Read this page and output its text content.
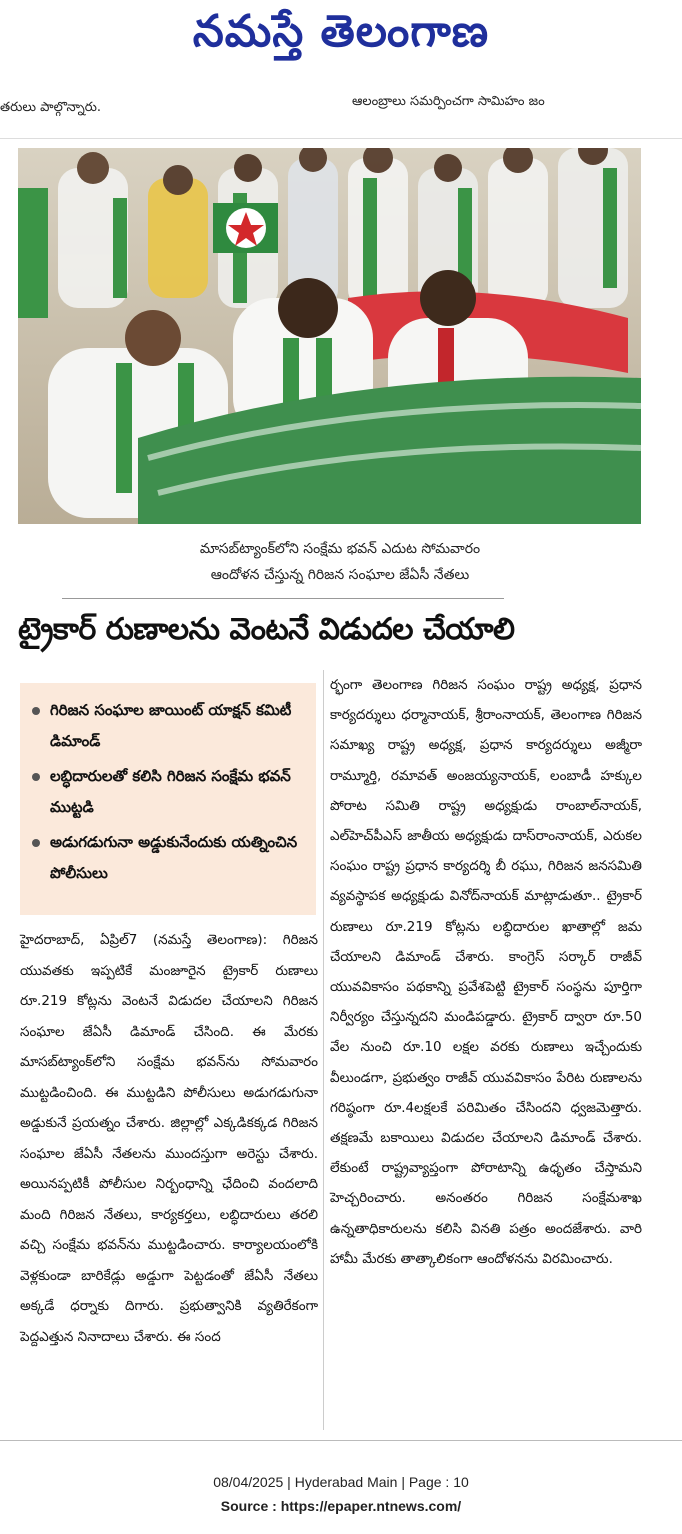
నమస్తే తెలంగాణ
తరులు పాల్గొన్నారు.	ఆలంబ్రాలు సమర్పించగా సామిహం జం
మాసబ్‌ట్యాంక్‌లోని సంక్షేమ భవన్‌ ఎదుట సోమవారం
ఆందోళన చేస్తున్న గిరిజన సంఘాల జేఏసీ నేతలు
ట్రైకార్‌ రుణాలను వెంటనే విడుదల చేయాలి
గిరిజన సంఘాల జాయింట్‌ యాక్షన్‌ కమిటీ డిమాండ్‌
లబ్ధిదారులతో కలిసి గిరిజన సంక్షేమ భవన్‌ ముట్టడి
అడుగడుగునా అడ్డుకునేందుకు యత్నించిన పోలీసులు
హైదరాబాద్‌, ఏప్రిల్‌7 (నమస్తే తెలంగాణ): గిరిజన యువతకు ఇప్పటికే మంజూరైన ట్రైకార్‌ రుణాలు రూ.219 కోట్లను వెంటనే విడుదల చేయాలని గిరిజన సంఘాల జేఏసీ డిమాండ్‌ చేసింది. ఈ మేరకు మాసబ్‌ట్యాంక్‌లోని సంక్షేమ భవన్‌ను సోమవారం ముట్టడించింది. ఈ ముట్టడిని పోలీసులు అడుగడుగునా అడ్డుకునే ప్రయత్నం చేశారు. జిల్లాల్లో ఎక్కడికక్కడ గిరిజన సంఘాల జేఏసీ నేతలను ముందస్తుగా అరెస్టు చేశారు. అయినప్పటికీ పోలీసుల నిర్బంధాన్ని ఛేదించి వందలాది మంది గిరిజన నేతలు, కార్యకర్తలు, లబ్ధిదారులు తరలి వచ్చి సంక్షేమ భవన్‌ను ముట్టడించారు. కార్యాలయంలోకి వెళ్లకుండా బారికేడ్లు అడ్డుగా పెట్టడంతో జేఏసీ నేతలు అక్కడే ధర్నాకు దిగారు. ప్రభుత్వానికి వ్యతిరేకంగా పెద్దఎత్తున నినాదాలు చేశారు. ఈ సంద
ర్భంగా తెలంగాణ గిరిజన సంఘం రాష్ట్ర అధ్యక్ష, ప్రధాన కార్యదర్శులు ధర్మానాయక్‌, శ్రీరాంనాయక్‌, తెలంగాణ గిరిజన సమాఖ్య రాష్ట్ర అధ్యక్ష, ప్రధాన కార్యదర్శులు అజ్మీరా రామ్మూర్తి, రమావత్‌ అంజయ్యనాయక్‌, లంబాడీ హక్కుల పోరాట సమితి రాష్ట్ర అధ్యక్షుడు రాంబాల్‌నాయక్‌, ఎల్‌హెచ్‌పీఎస్‌ జాతీయ అధ్యక్షుడు దాస్‌రాంనాయక్‌, ఎరుకల సంఘం రాష్ట్ర ప్రధాన కార్యదర్శి బీ రఘు, గిరిజన జనసమితి వ్యవస్థాపక అధ్యక్షుడు వినోద్‌నాయక్‌ మాట్లాడుతూ.. ట్రైకార్‌ రుణాలు రూ.219 కోట్లను లబ్ధిదారుల ఖాతాల్లో జమ చేయాలని డిమాండ్‌ చేశారు. కాంగ్రెస్‌ సర్కార్‌ రాజీవ్‌ యువవికాసం పథకాన్ని ప్రవేశపెట్టి ట్రైకార్‌ సంస్థను పూర్తిగా నిర్వీర్యం చేస్తున్నదని మండిపడ్డారు. ట్రైకార్‌ ద్వారా రూ.50 వేల నుంచి రూ.10 లక్షల వరకు రుణాలు ఇచ్చేందుకు వీలుండగా, ప్రభుత్వం రాజీవ్‌ యువవికాసం పేరిట రుణాలను గరిష్ఠంగా రూ.4లక్షలకే పరిమితం చేసిందని ధ్వజమెత్తారు. తక్షణమే బకాయిలు విడుదల చేయాలని డిమాండ్‌ చేశారు. లేకుంటే రాష్ట్రవ్యాప్తంగా పోరాటాన్ని ఉధృతం చేస్తామని హెచ్చరించారు. అనంతరం గిరిజన సంక్షేమశాఖ ఉన్నతాధికారులను కలిసి వినతి పత్రం అందజేశారు. వారి హామీ మేరకు తాత్కాలికంగా ఆందోళనను విరమించారు.
08/04/2025 | Hyderabad Main | Page : 10
Source : https://epaper.ntnews.com/
